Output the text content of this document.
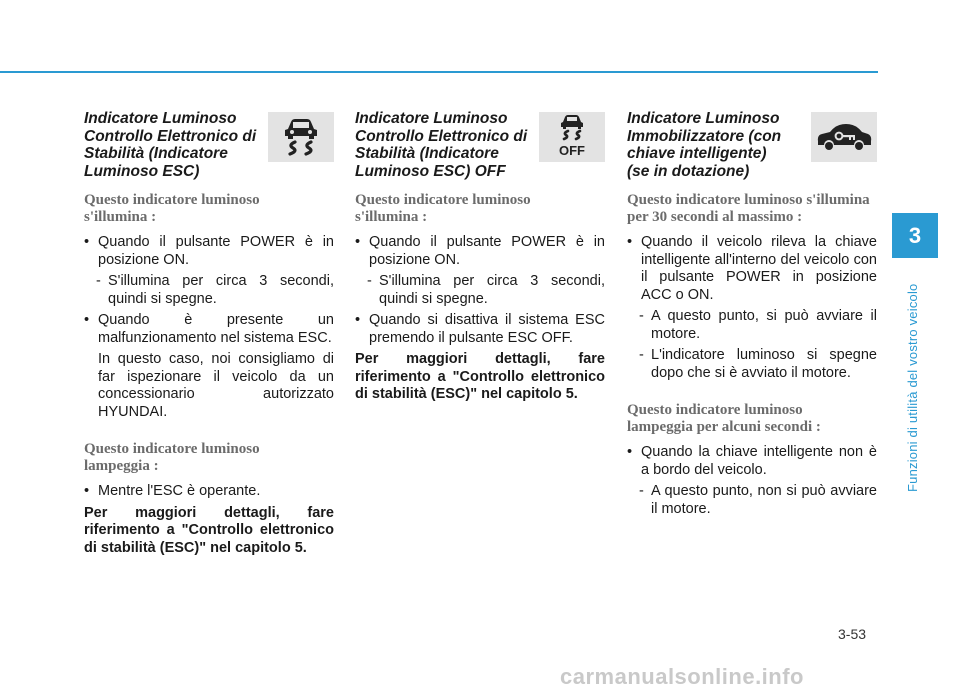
Indicatore Luminoso
Controllo Elettronico di
Stabilità (Indicatore
Luminoso ESC)

Questo indicatore luminoso
s'illumina :

• Quando il pulsante POWER è in posizione ON.

- S'illumina per circa 3 secondi, quindi si spegne.

• Quando è presente un malfunzionamento nel sistema ESC.

In questo caso, noi consigliamo di far ispezionare il veicolo da un concessionario autorizzato HYUNDAI.

Questo indicatore luminoso
lampeggia :

• Mentre l'ESC è operante.

Per maggiori dettagli, fare riferimento a "Controllo elettronico di stabilità (ESC)" nel capitolo 5.

Indicatore Luminoso
Controllo Elettronico di
Stabilità (Indicatore
Luminoso ESC) OFF
OFF

Questo indicatore luminoso
s'illumina :

• Quando il pulsante POWER è in posizione ON.

- S'illumina per circa 3 secondi, quindi si spegne.

• Quando si disattiva il sistema ESC premendo il pulsante ESC OFF.

Per maggiori dettagli, fare riferimento a "Controllo elettronico di stabilità (ESC)" nel capitolo 5.

Indicatore Luminoso
Immobilizzatore (con
chiave intelligente)
(se in dotazione)

Questo indicatore luminoso s'illumina
per 30 secondi al massimo :

• Quando il veicolo rileva la chiave intelligente all'interno del veicolo con il pulsante POWER in posizione ACC o ON.

- A questo punto, si può avviare il motore.

- L'indicatore luminoso si spegne dopo che si è avviato il motore.

Questo indicatore luminoso
lampeggia per alcuni secondi :

• Quando la chiave intelligente non è a bordo del veicolo.

- A questo punto, non si può avviare il motore.

3
Funzioni di utilità del vostro veicolo
3-53
carmanualsonline.info
